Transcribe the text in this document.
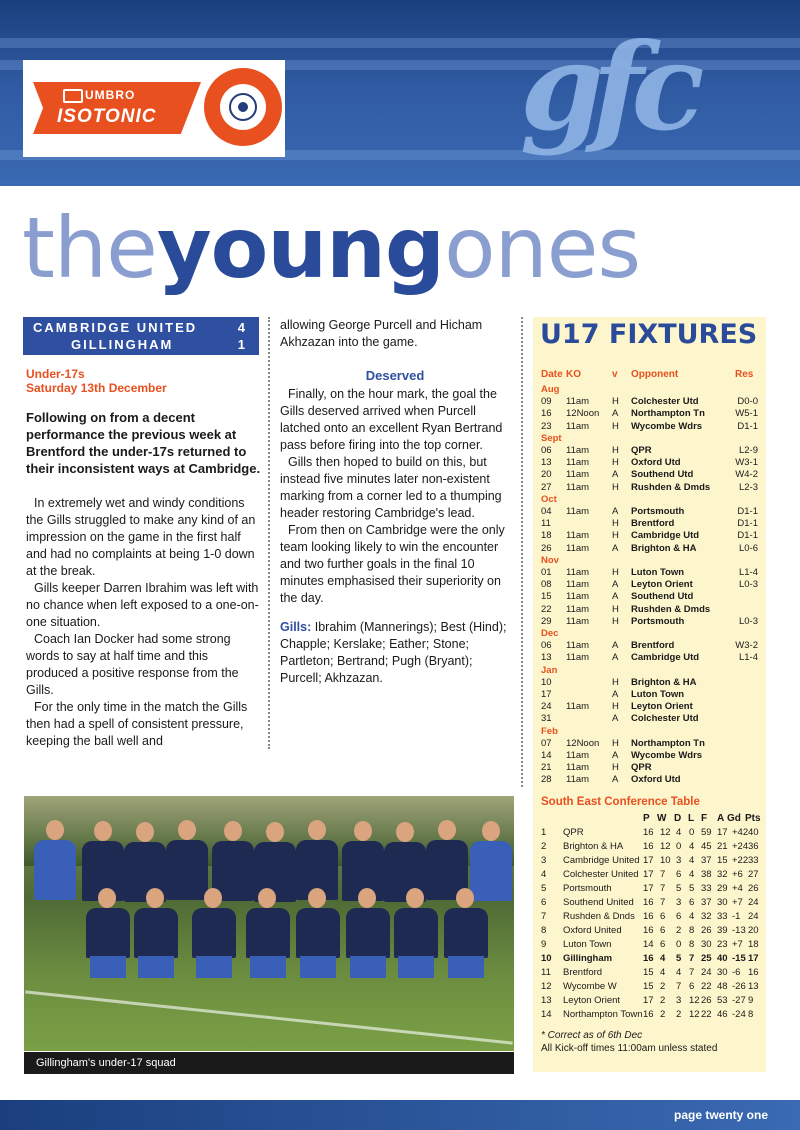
UMBRO
ISOTONIC	gfc
theyoungones
CAMBRIDGE UNITED	4
GILLINGHAM	1
Under-17s
Saturday 13th December
Following on from a decent performance the previous week at Brentford the under-17s returned to their inconsistent ways at Cambridge.

In extremely wet and windy conditions the Gills struggled to make any kind of an impression on the game in the first half and had no complaints at being 1-0 down at the break.

Gills keeper Darren Ibrahim was left with no chance when left exposed to a one-on-one situation.

Coach Ian Docker had some strong words to say at half time and this produced a positive response from the Gills.

For the only time in the match the Gills then had a spell of consistent pressure, keeping the ball well and

allowing George Purcell and Hicham Akhzazan into the game.

Deserved

Finally, on the hour mark, the goal the Gills deserved arrived when Purcell latched onto an excellent Ryan Bertrand pass before firing into the top corner.

Gills then hoped to build on this, but instead five minutes later non-existent marking from a corner led to a thumping header restoring Cambridge's lead.

From then on Cambridge were the only team looking likely to win the encounter and two further goals in the final 10 minutes emphasised their superiority on the day.

Gills: Ibrahim (Mannerings); Best (Hind); Chapple; Kerslake; Eather; Stone; Partleton; Bertrand; Pugh (Bryant); Purcell; Akhzazan.

U17 FIXTURES
Date KO	v Opponent	Res
Aug
09 11am H Colchester Utd	D0-0
16 12Noon A Northampton Tn	W5-1
23 11am H Wycombe Wdrs	D1-1
Sept
06 11am H QPR	L2-9
13 11am H Oxford Utd	W3-1
20 11am A Southend Utd	W4-2
27 11am H Rushden & Dmds	L2-3
Oct
04 11am A Portsmouth	D1-1
11	H Brentford	D1-1
18 11am H Cambridge Utd	D1-1
26 11am A Brighton & HA	L0-6
Nov
01 11am H Luton Town	L1-4
08 11am A Leyton Orient	L0-3
15 11am A Southend Utd
22 11am H Rushden & Dmds
29 11am H Portsmouth	L0-3
Dec
06 11am A Brentford	W3-2
13 11am A Cambridge Utd	L1-4
Jan
10	H Brighton & HA
17	A Luton Town
24 11am H Leyton Orient
31	A Colchester Utd
Feb
07 12Noon H Northampton Tn
14 11am A Wycombe Wdrs
21 11am H QPR
28 11am A Oxford Utd
South East Conference Table
P W D L F A Gd Pts
1 QPR	16 12 4 0 59 17 +42 40
2 Brighton & HA 16 12 0 4 45 21 +24 36
3 Cambridge United 17 10 3 4 37 15 +22 33
4 Colchester United 17 7 6 4 38 32 +6 27
5 Portsmouth	17 7 5 5 33 29 +4 26
6 Southend United 16 7 3 6 37 30 +7 24
7 Rushden & Dnds 16 6 6 4 32 33 -1 24
8 Oxford United 16 6 2 8 26 39 -13 20
9 Luton Town	14 6 0 8 30 23 +7 18
10 Gillingham	16 4 5 7 25 40 -15 17
11 Brentford	15 4 4 7 24 30 -6 16
12 Wycombe W	15 2 7 6 22 48 -26 13
13 Leyton Orient 17 2 3 12 26 53 -27 9
14 Northampton Town 16 2 2 12 22 46 -24 8
* Correct as of 6th Dec
All Kick-off times 11:00am unless stated
Gillingham's under-17 squad
page twenty one
